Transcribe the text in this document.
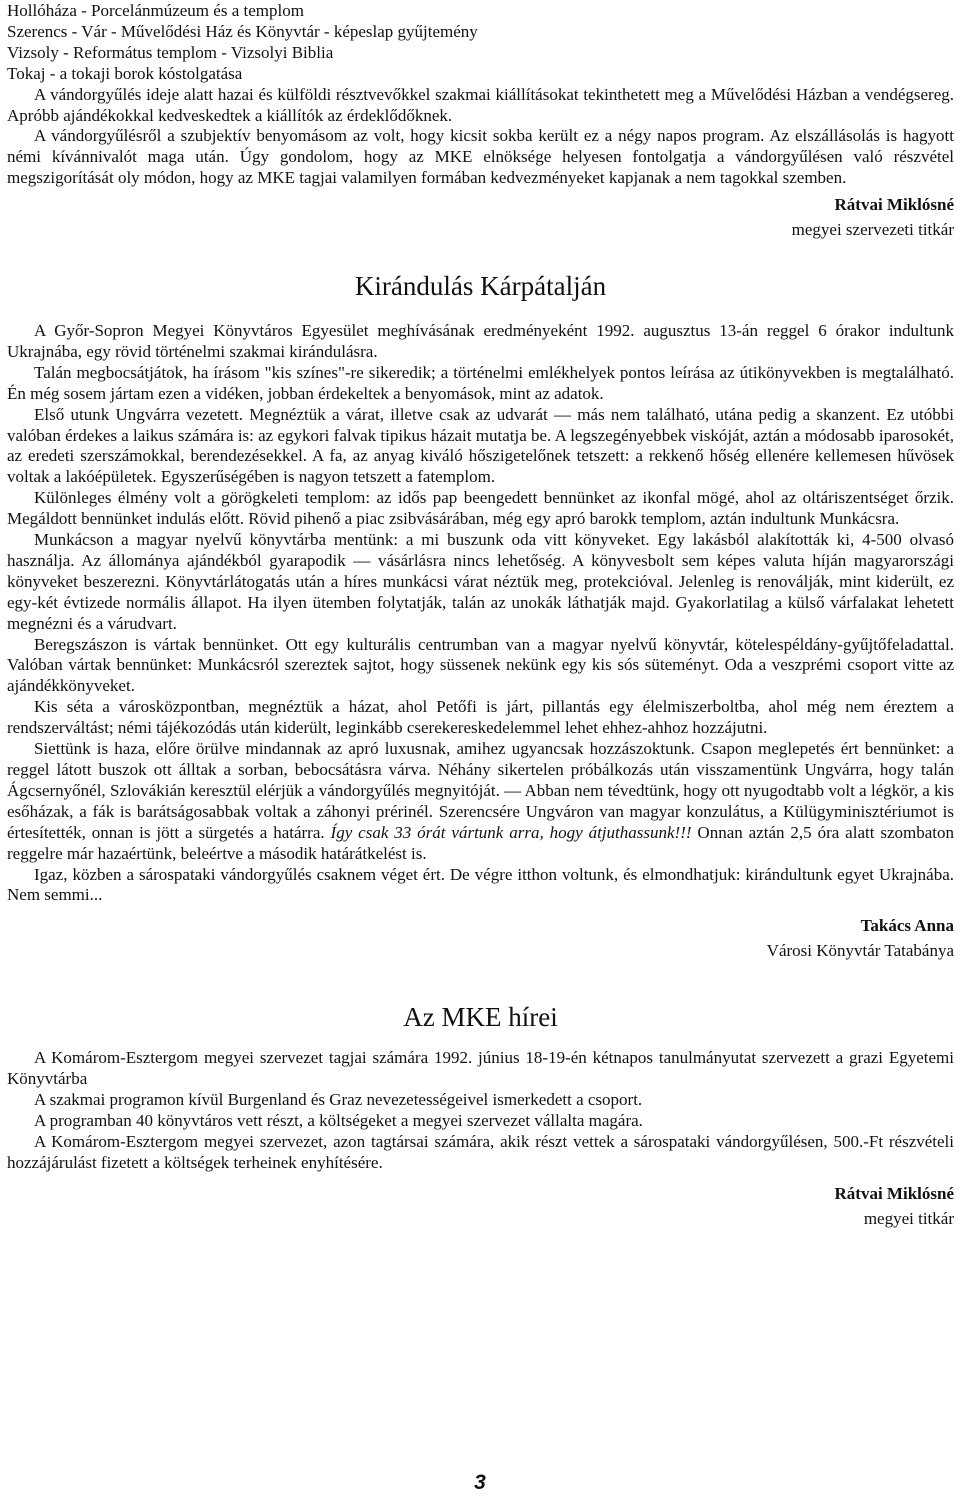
Hollóháza - Porcelánmúzeum és a templom
Szerencs - Vár - Művelődési Ház és Könyvtár - képeslap gyűjtemény
Vizsoly - Református templom - Vizsolyi Biblia
Tokaj - a tokaji borok kóstolgatása

A vándorgyűlés ideje alatt hazai és külföldi résztvevőkkel szakmai kiállításokat tekinthetett meg a Művelődési Házban a vendégsereg. Apróbb ajándékokkal kedveskedtek a kiállítók az érdeklődőknek.

A vándorgyűlésről a szubjektív benyomásom az volt, hogy kicsit sokba került ez a négy napos program. Az elszállásolás is hagyott némi kívánnivalót maga után. Úgy gondolom, hogy az MKE elnöksége helyesen fontolgatja a vándorgyűlésen való részvétel megszigorítását oly módon, hogy az MKE tagjai valamilyen formában kedvezményeket kapjanak a nem tagokkal szemben.

Rátvai Miklósné
megyei szervezeti titkár
Kirándulás Kárpátalján

A Győr-Sopron Megyei Könyvtáros Egyesület meghívásának eredményeként 1992. augusztus 13-án reggel 6 órakor indultunk Ukrajnába, egy rövid történelmi szakmai kirándulásra.

Talán megbocsátjátok, ha írásom "kis színes"-re sikeredik; a történelmi emlékhelyek pontos leírása az útikönyvekben is megtalálható. Én még sosem jártam ezen a vidéken, jobban érdekeltek a benyomások, mint az adatok.

Első utunk Ungvárra vezetett. Megnéztük a várat, illetve csak az udvarát — más nem található, utána pedig a skanzent. Ez utóbbi valóban érdekes a laikus számára is: az egykori falvak tipikus házait mutatja be. A legszegényebbek viskóját, aztán a módosabb iparosokét, az eredeti szerszámokkal, berendezésekkel. A fa, az anyag kiváló hőszigetelőnek tetszett: a rekkenő hőség ellenére kellemesen hűvösek voltak a lakóépületek. Egyszerűségében is nagyon tetszett a fatemplom.

Különleges élmény volt a görögkeleti templom: az idős pap beengedett bennünket az ikonfal mögé, ahol az oltáriszentséget őrzik. Megáldott bennünket indulás előtt. Rövid pihenő a piac zsibvásárában, még egy apró barokk templom, aztán indultunk Munkácsra.

Munkácson a magyar nyelvű könyvtárba mentünk: a mi buszunk oda vitt könyveket. Egy lakásból alakították ki, 4-500 olvasó használja. Az állománya ajándékból gyarapodik — vásárlásra nincs lehetőség. A könyvesbolt sem képes valuta híján magyarországi könyveket beszerezni. Könyvtárlátogatás után a híres munkácsi várat néztük meg, protekcióval. Jelenleg is renoválják, mint kiderült, ez egy-két évtizede normális állapot. Ha ilyen ütemben folytatják, talán az unokák láthatják majd. Gyakorlatilag a külső várfalakat lehetett megnézni és a várudvart.

Beregszászon is vártak bennünket. Ott egy kulturális centrumban van a magyar nyelvű könyvtár, kötelespéldány-gyűjtőfeladattal. Valóban vártak bennünket: Munkácsról szereztek sajtot, hogy süssenek nekünk egy kis sós süteményt. Oda a veszprémi csoport vitte az ajándékkönyveket.

Kis séta a városközpontban, megnéztük a házat, ahol Petőfi is járt, pillantás egy élelmiszerboltba, ahol még nem éreztem a rendszerváltást; némi tájékozódás után kiderült, leginkább cserekereskedelemmel lehet ehhez-ahhoz hozzájutni.

Siettünk is haza, előre örülve mindannak az apró luxusnak, amihez ugyancsak hozzászoktunk. Csapon meglepetés ért bennünket: a reggel látott buszok ott álltak a sorban, bebocsátásra várva. Néhány sikertelen próbálkozás után visszamentünk Ungvárra, hogy talán Ágcsernyőnél, Szlovákián keresztül elérjük a vándorgyűlés megnyitóját. — Abban nem tévedtünk, hogy ott nyugodtabb volt a légkör, a kis esőházak, a fák is barátságosabbak voltak a záhonyi prérinél. Szerencsére Ungváron van magyar konzulátus, a Külügyminisztériumot is értesítették, onnan is jött a sürgetés a határra. Így csak 33 órát vártunk arra, hogy átjuthassunk!!! Onnan aztán 2,5 óra alatt szombaton reggelre már hazaértünk, beleértve a második határátkelést is.

Igaz, közben a sárospataki vándorgyűlés csaknem véget ért. De végre itthon voltunk, és elmondhatjuk: kirándultunk egyet Ukrajnába. Nem semmi...

Takács Anna
Városi Könyvtár Tatabánya
Az MKE hírei

A Komárom-Esztergom megyei szervezet tagjai számára 1992. június 18-19-én kétnapos tanulmányutat szervezett a grazi Egyetemi Könyvtárba

A szakmai programon kívül Burgenland és Graz nevezetességeivel ismerkedett a csoport.

A programban 40 könyvtáros vett részt, a költségeket a megyei szervezet vállalta magára.

A Komárom-Esztergom megyei szervezet, azon tagtársai számára, akik részt vettek a sárospataki vándorgyűlésen, 500.-Ft részvételi hozzájárulást fizetett a költségek terheinek enyhítésére.

Rátvai Miklósné
megyei titkár
3
